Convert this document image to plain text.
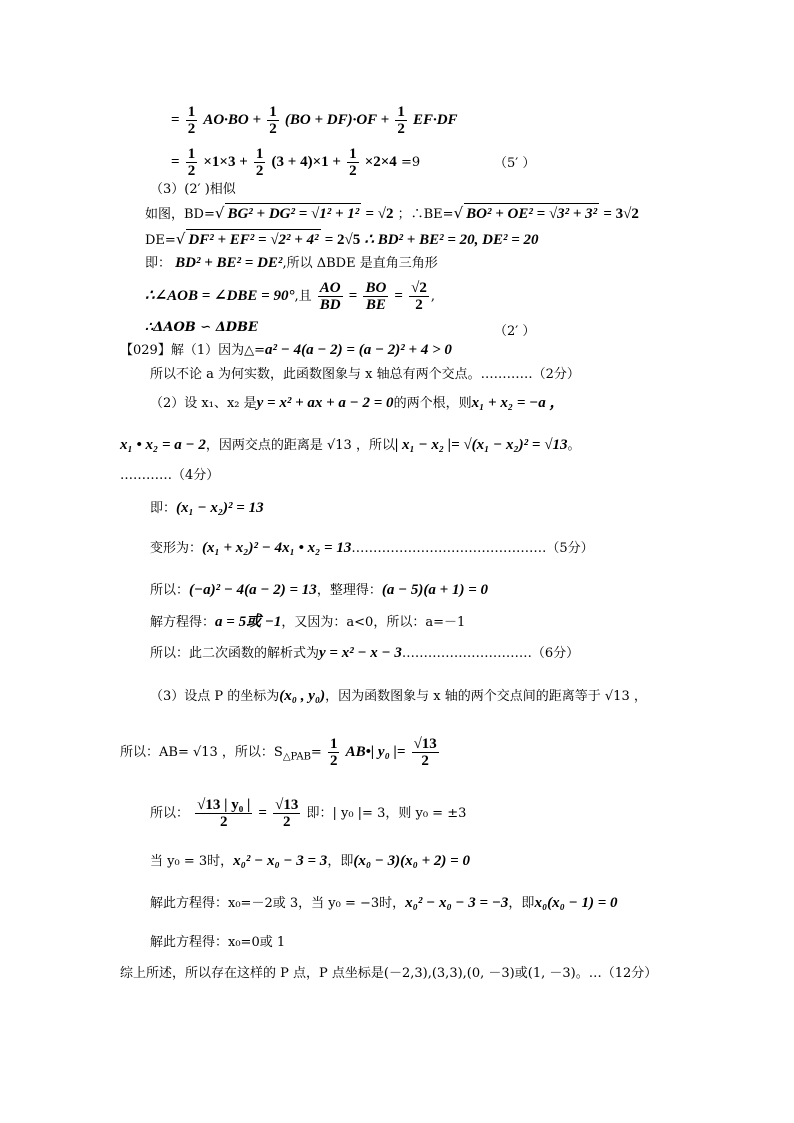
= $\frac{1}{2} AO\cdot BO + \frac{1}{2} (BO + DF)\cdot OF + \frac{1}{2} EF\cdot DF$
= $\frac{1}{2} \times 1\times 3 + \frac{1}{2} (3 + 4)\times 1 + \frac{1}{2} \times 2\times 4 =9$	（5′ ）
（3）(2′ )相似
如图，BD=√ BG² + DG² = √1² + 1² = √2 ；∴BE=√ BO² + OE² = √3² + 3² = 3√2
DE=√ DF² + EF² = √2² + 4² = 2√5 ∴ BD² + BE² = 20, DE² = 20
即： BD² + BE² = DE²,所以 ΔBDE 是直角三角形
∴∠AOB = ∠DBE = 90°,且 $\frac{AO}{BD} = \frac{BO}{BE} = \frac{√2}{2}$ ,
∴ΔAOB ∽ ΔDBE	（2′ ）
【029】解（1）因为△=a² − 4(a − 2) = (a − 2)² + 4 > 0
所以不论 a 为何实数，此函数图象与 x 轴总有两个交点。…………（2分）
（2）设 x₁、x₂ 是y = x² + ax + a − 2 = 0的两个根，则x₁ + x₂ = −a ，
x₁ • x₂ = a − 2，因两交点的距离是 √13 ，所以| x₁ − x₂ |= √(x₁ − x₂)² = √13。
…………（4分）
即：(x₁ − x₂)² = 13
变形为：(x₁ + x₂)² − 4x₁ • x₂ = 13………………………………………（5分）
所以：(−a)² − 4(a − 2) = 13，整理得：(a − 5)(a + 1) = 0
解方程得：a = 5或 −1，又因为：a<0，所以：a=－1
所以：此二次函数的解析式为y = x² − x − 3…………………………（6分）
（3）设点 P 的坐标为(x₀ , y₀)，因为函数图象与 x 轴的两个交点间的距离等于 √13 ，
所以：AB= √13 ，所以：$S_{\triangle PAB}= \frac{1}{2}$ AB•| y₀ |= $\frac{√13}{2}$
所以： $\frac{\text{√13 | y₀ |}}{2} = \frac{√13}{2}$ 即：| y₀ |= 3，则 y₀ = ±3
当 y₀ = 3时，x₀² − x₀ − 3 = 3，即(x₀ − 3)(x₀ + 2) = 0
解此方程得：x₀=－2或 3，当 y₀ = −3时，x₀² − x₀ − 3 = −3，即x₀(x₀ − 1) = 0
解此方程得：x₀=0或 1
综上所述，所以存在这样的 P 点，P 点坐标是(－2,3),(3,3),(0, －3)或(1, －3)。…（12分）
